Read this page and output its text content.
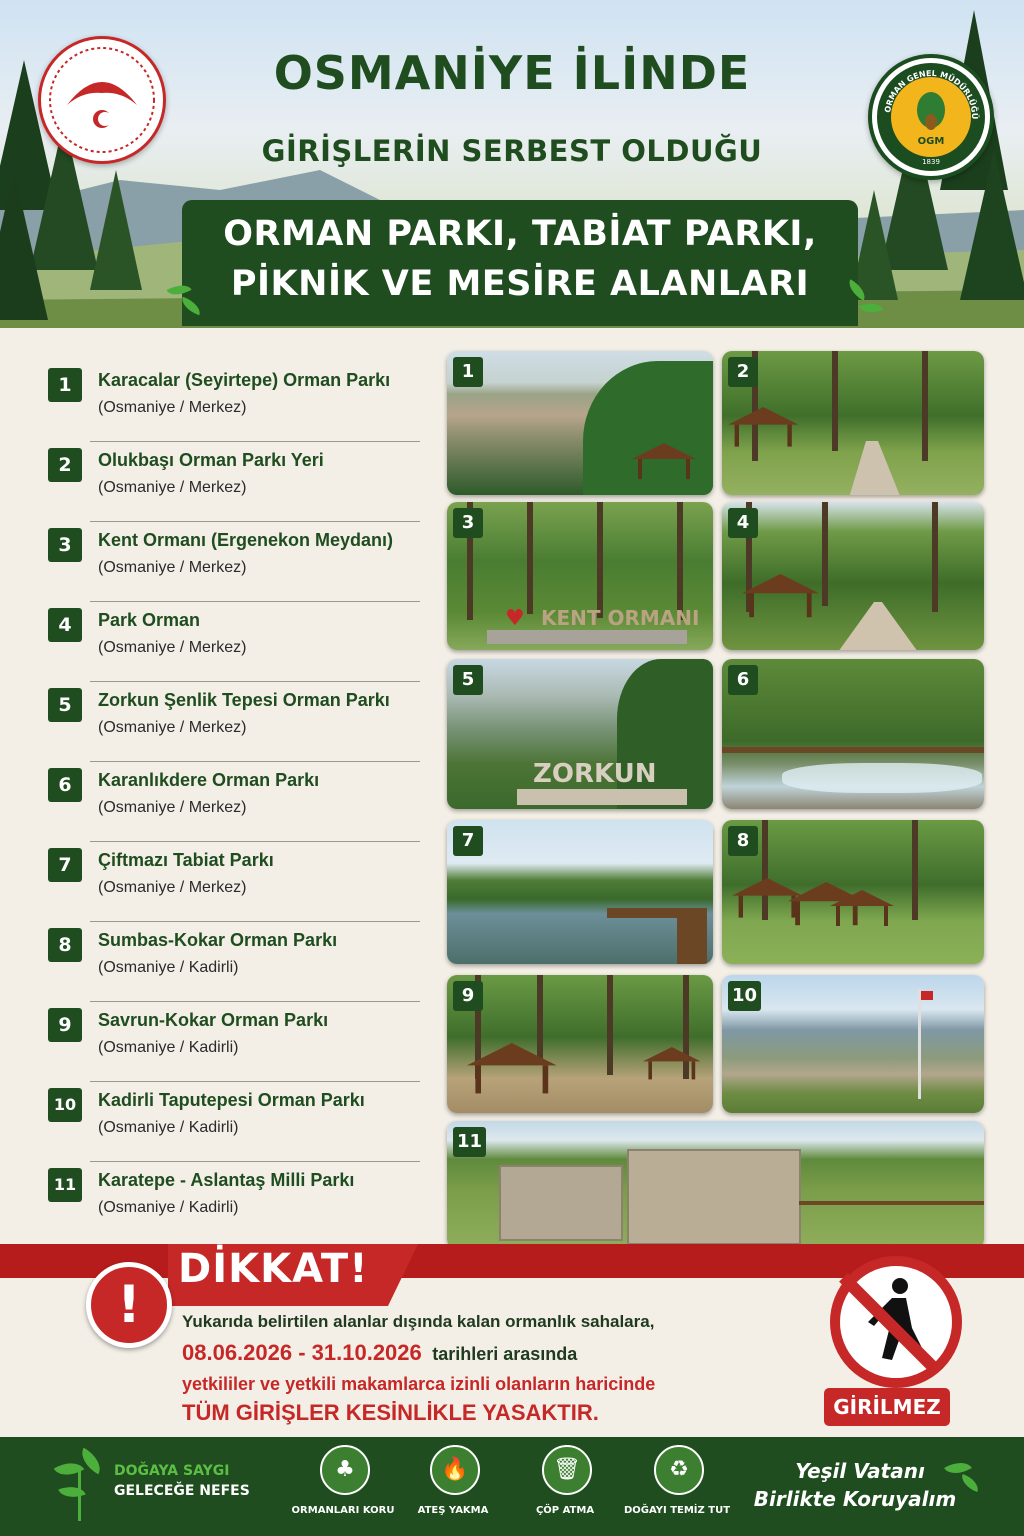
OSMANİYE İLİNDE
GİRİŞLERİN SERBEST OLDUĞU
ORMAN PARKI, TABİAT PARKI,
PİKNİK VE MESİRE ALANLARI
ORMAN GENEL MÜDÜRLÜĞÜ
OGM
1839
1	Karacalar (Seyirtepe) Orman Parkı
(Osmaniye / Merkez)
2	Olukbaşı Orman Parkı Yeri
(Osmaniye / Merkez)
3	Kent Ormanı (Ergenekon Meydanı)
(Osmaniye / Merkez)
4	Park Orman
(Osmaniye / Merkez)
5	Zorkun Şenlik Tepesi Orman Parkı
(Osmaniye / Merkez)
6	Karanlıkdere Orman Parkı
(Osmaniye / Merkez)
7	Çiftmazı Tabiat Parkı
(Osmaniye / Merkez)
8	Sumbas-Kokar Orman Parkı
(Osmaniye / Kadirli)
9	Savrun-Kokar Orman Parkı
(Osmaniye / Kadirli)
10	Kadirli Taputepesi Orman Parkı
(Osmaniye / Kadirli)
11	Karatepe - Aslantaş Milli Parkı
(Osmaniye / Kadirli)
1	2
♥ KENT ORMANI
3	4
ZORKUN
5	6
7	8
9	10
11
DİKKAT!
!	Yukarıda belirtilen alanlar dışında kalan ormanlık sahalara,
08.06.2026 - 31.10.2026 tarihleri arasında
yetkililer ve yetkili makamlarca izinli olanların haricinde
TÜM GİRİŞLER KESİNLİKLE YASAKTIR.	GİRİLMEZ
DOĞAYA SAYGI
GELECEĞE NEFES
♣
ORMANLARI KORU
🔥
ATEŞ YAKMA
🗑
ÇÖP ATMA
♻
DOĞAYI TEMİZ TUT
Yeşil Vatanı
Birlikte Koruyalım
